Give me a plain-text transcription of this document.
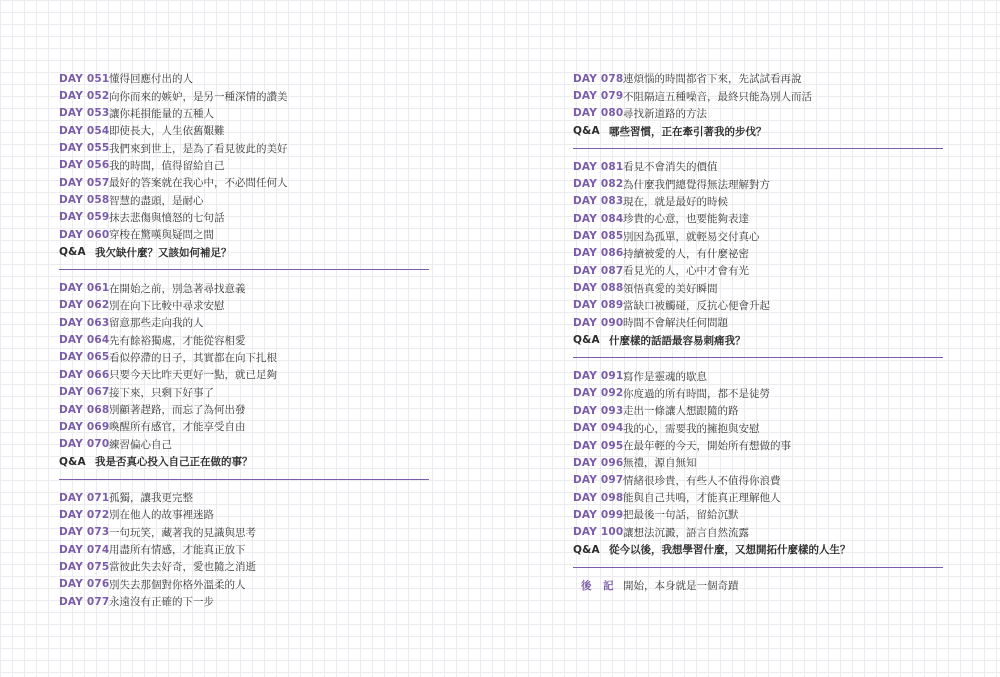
DAY 051 懂得回應付出的人
DAY 052 向你而來的嫉妒，是另一種深情的讚美
DAY 053 讓你耗損能量的五種人
DAY 054 即使長大，人生依舊艱難
DAY 055 我們來到世上，是為了看見彼此的美好
DAY 056 我的時間，值得留給自己
DAY 057 最好的答案就在我心中，不必問任何人
DAY 058 智慧的盡頭，是耐心
DAY 059 抹去悲傷與憤怒的七句話
DAY 060 穿梭在驚嘆與疑問之間
Q&A 我欠缺什麼？又該如何補足？
DAY 061 在開始之前，別急著尋找意義
DAY 062 別在向下比較中尋求安慰
DAY 063 留意那些走向我的人
DAY 064 先有餘裕獨處，才能從容相愛
DAY 065 看似停滯的日子，其實都在向下扎根
DAY 066 只要今天比昨天更好一點，就已足夠
DAY 067 接下來，只剩下好事了
DAY 068 別顧著趕路，而忘了為何出發
DAY 069 喚醒所有感官，才能享受自由
DAY 070 練習偏心自己
Q&A 我是否真心投入自己正在做的事？
DAY 071 孤獨，讓我更完整
DAY 072 別在他人的故事裡迷路
DAY 073 一句玩笑，藏著我的見識與思考
DAY 074 用盡所有情感，才能真正放下
DAY 075 當彼此失去好奇，愛也隨之消逝
DAY 076 別失去那個對你格外溫柔的人
DAY 077 永遠沒有正確的下一步
DAY 078 連煩惱的時間都省下來，先試試看再說
DAY 079 不阻隔這五種噪音，最終只能為別人而活
DAY 080 尋找新道路的方法
Q&A 哪些習慣，正在牽引著我的步伐？
DAY 081 看見不會消失的價值
DAY 082 為什麼我們總覺得無法理解對方
DAY 083 現在，就是最好的時候
DAY 084 珍貴的心意，也要能夠表達
DAY 085 別因為孤單，就輕易交付真心
DAY 086 持續被愛的人，有什麼祕密
DAY 087 看見光的人，心中才會有光
DAY 088 領悟真愛的美好瞬間
DAY 089 當缺口被觸碰，反抗心便會升起
DAY 090 時間不會解決任何問題
Q&A 什麼樣的話語最容易刺痛我？
DAY 091 寫作是靈魂的歇息
DAY 092 你度過的所有時間，都不是徒勞
DAY 093 走出一條讓人想跟隨的路
DAY 094 我的心，需要我的擁抱與安慰
DAY 095 在最年輕的今天，開始所有想做的事
DAY 096 無禮，源自無知
DAY 097 情緒很珍貴，有些人不值得你浪費
DAY 098 能與自己共鳴，才能真正理解他人
DAY 099 把最後一句話，留給沉默
DAY 100 讓想法沉澱，語言自然流露
Q&A 從今以後，我想學習什麼，又想開拓什麼樣的人生？
後 記 開始，本身就是一個奇蹟
